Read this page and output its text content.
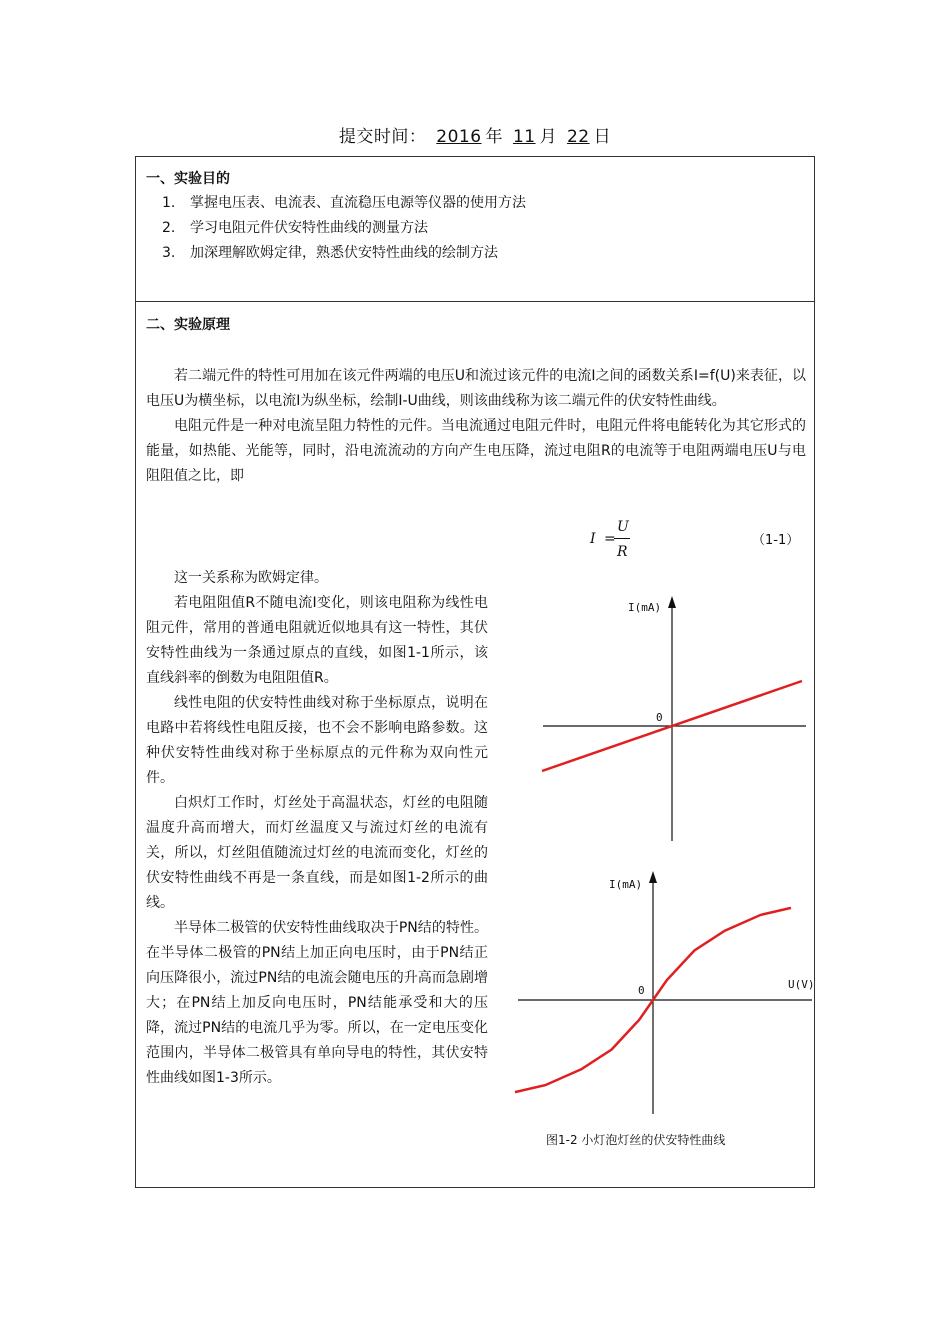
提交时间： 2016 年 11 月 22 日
一、实验目的
1. 掌握电压表、电流表、直流稳压电源等仪器的使用方法
2. 学习电阻元件伏安特性曲线的测量方法
3. 加深理解欧姆定律，熟悉伏安特性曲线的绘制方法
二、实验原理

若二端元件的特性可用加在该元件两端的电压U和流过该元件的电流I之间的函数关系I=f(U)来表征，以电压U为横坐标，以电流I为纵坐标，绘制I-U曲线，则该曲线称为该二端元件的伏安特性曲线。

电阻元件是一种对电流呈阻力特性的元件。当电流通过电阻元件时，电阻元件将电能转化为其它形式的能量，如热能、光能等，同时，沿电流流动的方向产生电压降，流过电阻R的电流等于电阻两端电压U与电阻阻值之比，即

I =
U
R
（1-1）

这一关系称为欧姆定律。

若电阻阻值R不随电流I变化，则该电阻称为线性电阻元件，常用的普通电阻就近似地具有这一特性，其伏安特性曲线为一条通过原点的直线，如图1-1所示，该直线斜率的倒数为电阻阻值R。

线性电阻的伏安特性曲线对称于坐标原点，说明在电路中若将线性电阻反接，也不会不影响电路参数。这种伏安特性曲线对称于坐标原点的元件称为双向性元件。

白炽灯工作时，灯丝处于高温状态，灯丝的电阻随温度升高而增大，而灯丝温度又与流过灯丝的电流有关，所以，灯丝阻值随流过灯丝的电流而变化，灯丝的伏安特性曲线不再是一条直线，而是如图1-2所示的曲线。

半导体二极管的伏安特性曲线取决于PN结的特性。在半导体二极管的PN结上加正向电压时，由于PN结正向压降很小，流过PN结的电流会随电压的升高而急剧增大；在PN结上加反向电压时，PN结能承受和大的压降，流过PN结的电流几乎为零。所以，在一定电压变化范围内，半导体二极管具有单向导电的特性，其伏安特性曲线如图1-3所示。

I(mA)
0
I(mA)
U(V)
0
图1-2 小灯泡灯丝的伏安特性曲线
